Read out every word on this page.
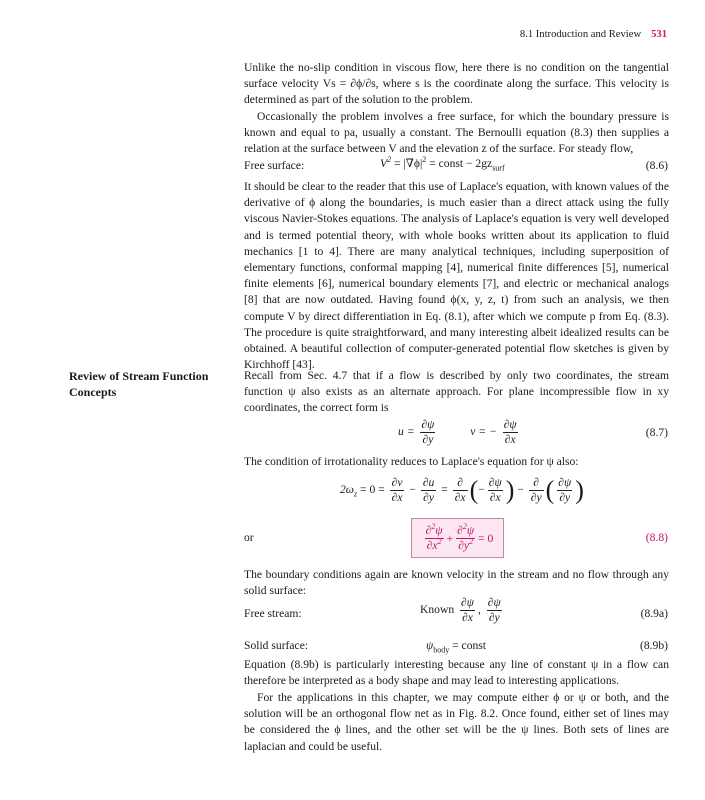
8.1 Introduction and Review 531

Unlike the no-slip condition in viscous flow, here there is no condition on the tangential surface velocity Vs = ∂ϕ/∂s, where s is the coordinate along the surface. This velocity is determined as part of the solution to the problem.

Occasionally the problem involves a free surface, for which the boundary pressure is known and equal to pa, usually a constant. The Bernoulli equation (8.3) then supplies a relation at the surface between V and the elevation z of the surface. For steady flow,

Free surface:	$V^2 = |\nabla\phi|^2$ = const − $2gz_{surf}$	(8.6)

It should be clear to the reader that this use of Laplace's equation, with known values of the derivative of ϕ along the boundaries, is much easier than a direct attack using the fully viscous Navier-Stokes equations. The analysis of Laplace's equation is very well developed and is termed potential theory, with whole books written about its application to fluid mechanics [1 to 4]. There are many analytical techniques, including superposition of elementary functions, conformal mapping [4], numerical finite differences [5], numerical finite elements [6], numerical boundary elements [7], and electric or mechanical analogs [8] that are now outdated. Having found ϕ(x, y, z, t) from such an analysis, we then compute V by direct differentiation in Eq. (8.1), after which we compute p from Eq. (8.3). The procedure is quite straightforward, and many interesting albeit idealized results can be obtained. A beautiful collection of computer-generated potential flow sketches is given by Kirchhoff [43].

Review of Stream Function Concepts

Recall from Sec. 4.7 that if a flow is described by only two coordinates, the stream function ψ also exists as an alternate approach. For plane incompressible flow in xy coordinates, the correct form is

$u = \frac{\partial\psi}{\partial y}$	v = − $\frac{\partial\psi}{\partial x}$	(8.7)

The condition of irrotationality reduces to Laplace's equation for ψ also:

$2\omega_z = 0 = \frac{\partial v}{\partial x} - \frac{\partial u}{\partial y} = \frac{\partial}{\partial x}$ (− $\frac{\partial\psi}{\partial x}$ ) − $\frac{\partial}{\partial y}$ ( $\frac{\partial\psi}{\partial y}$ )
or	$\frac{\partial^2\psi}{\partial x^2} + \frac{\partial^2\psi}{\partial y^2} = 0$	(8.8)

The boundary conditions again are known velocity in the stream and no flow through any solid surface:

Free stream:	Known $\frac{\partial\psi}{\partial x}$ , $\frac{\partial\psi}{\partial y}$	(8.9a)
Solid surface:	$\psi_{body}$ = const	(8.9b)

Equation (8.9b) is particularly interesting because any line of constant ψ in a flow can therefore be interpreted as a body shape and may lead to interesting applications.

For the applications in this chapter, we may compute either ϕ or ψ or both, and the solution will be an orthogonal flow net as in Fig. 8.2. Once found, either set of lines may be considered the ϕ lines, and the other set will be the ψ lines. Both sets of lines are laplacian and could be useful.
